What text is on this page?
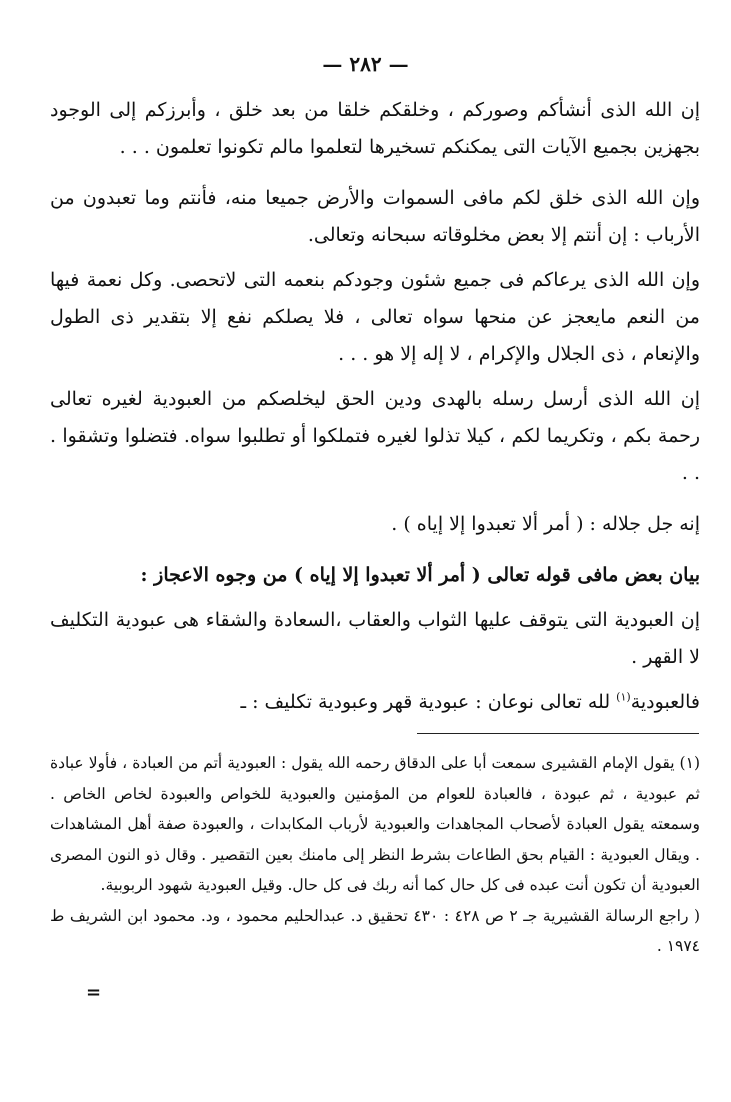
— ٢٨٢ —

إن الله الذى أنشأكم وصوركم ، وخلقكم خلقا من بعد خلق ، وأبرزكم إلى الوجود بجهزين بجميع الآيات التى يمكنكم تسخيرها لتعلموا مالم تكونوا تعلمون . . .

وإن الله الذى خلق لكم مافى السموات والأرض جميعا منه، فأنتم وما تعبدون من الأرباب : إن أنتم إلا بعض مخلوقاته سبحانه وتعالى.

وإن الله الذى يرعاكم فى جميع شئون وجودكم بنعمه التى لاتحصى. وكل نعمة فيها من النعم مايعجز عن منحها سواه تعالى ، فلا يصلكم نفع إلا بتقدير ذى الطول والإنعام ، ذى الجلال والإكرام ، لا إله إلا هو . . .

إن الله الذى أرسل رسله بالهدى ودين الحق ليخلصكم من العبودية لغيره تعالى رحمة بكم ، وتكريما لكم ، كيلا تذلوا لغيره فتملكوا أو تطلبوا سواه. فتضلوا وتشقوا . . .

إنه جل جلاله : ( أمر ألا تعبدوا إلا إياه ) .

بيان بعض مافى قوله تعالى ( أمر ألا تعبدوا إلا إياه ) من وجوه الاعجاز :

إن العبودية التى يتوقف عليها الثواب والعقاب ،السعادة والشقاء هى عبودية التكليف لا القهر .

فالعبودية$^{(١)}$ لله تعالى نوعان : عبودية قهر وعبودية تكليف : ـ

(١) يقول الإمام القشيرى سمعت أبا على الدقاق رحمه الله يقول : العبودية أتم من العبادة ، فأولا عبادة ثم عبودية ، ثم عبودة ، فالعبادة للعوام من المؤمنين والعبودية للخواص والعبودة لخاص الخاص . وسمعته يقول العبادة لأصحاب المجاهدات والعبودية لأرباب المكابدات ، والعبودة صفة أهل المشاهدات . ويقال العبودية : القيام بحق الطاعات بشرط النظر إلى مامنك بعين التقصير . وقال ذو النون المصرى العبودية أن تكون أنت عبده فى كل حال كما أنه ربك فى كل حال. وقيل العبودية شهود الربوبية.

( راجع الرسالة القشيرية جـ ٢ ص ٤٢٨ : ٤٣٠ تحقيق د. عبدالحليم محمود ، ود. محمود ابن الشريف ط ١٩٧٤ .

=
